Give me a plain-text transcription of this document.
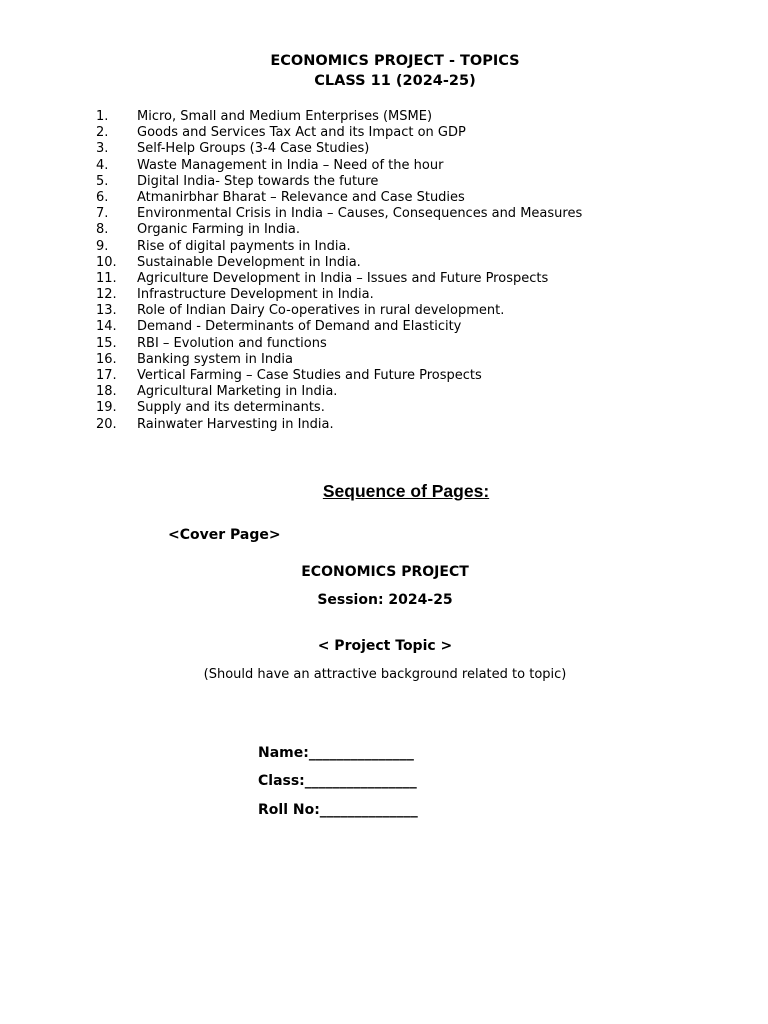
ECONOMICS PROJECT - TOPICS
CLASS 11 (2024-25)
1.	Micro, Small and Medium Enterprises (MSME)
2.	Goods and Services Tax Act and its Impact on GDP
3.	Self-Help Groups (3-4 Case Studies)
4.	Waste Management in India – Need of the hour
5.	Digital India- Step towards the future
6.	Atmanirbhar Bharat – Relevance and Case Studies
7.	Environmental Crisis in India – Causes, Consequences and Measures
8.	Organic Farming in India.
9.	Rise of digital payments in India.
10.	Sustainable Development in India.
11.	Agriculture Development in India – Issues and Future Prospects
12.	Infrastructure Development in India.
13.	Role of Indian Dairy Co-operatives in rural development.
14.	Demand - Determinants of Demand and Elasticity
15.	RBI – Evolution and functions
16.	Banking system in India
17.	Vertical Farming – Case Studies and Future Prospects
18.	Agricultural Marketing in India.
19.	Supply and its determinants.
20.	Rainwater Harvesting in India.
Sequence of Pages:
<Cover Page>
ECONOMICS PROJECT
Session: 2024-25
< Project Topic >
(Should have an attractive background related to topic)
Name:_______________
Class:________________
Roll No:______________
